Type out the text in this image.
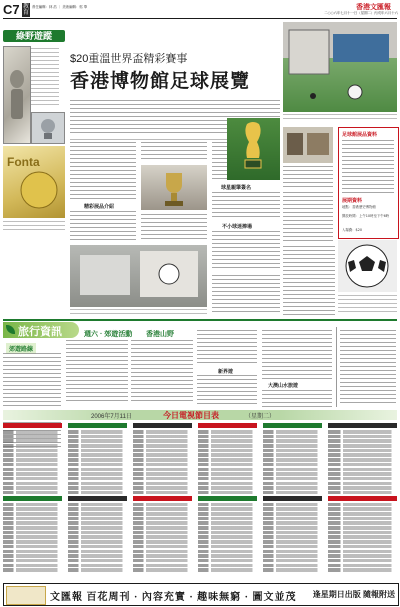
C7 教育
責任編輯：林 浩 ｜ 美術編輯：郭 華
二○○六年七月十一日（星期二）丙戌年六月十六
香港文匯報
綠野遊蹤
$20重溫世界盃精彩賽事
香港博物館足球展覽
精彩展品介紹
球星親筆簽名
不小球迷捧場
Fonta
足球館展品資料
展期資料
地點：香港歷史博物館
開放時間：上午10時至下午6時
入場費：$20
旅行資訊
郊遊路線
週六 · 郊遊活動 香港山野
新界遊
大澳山水旅遊
2006年7月11日	今日電視節目表	（星期二）
文匯報 百花周刊 · 內容充實 · 趣味無窮 · 圖文並茂 逢星期日出版 隨報附送
